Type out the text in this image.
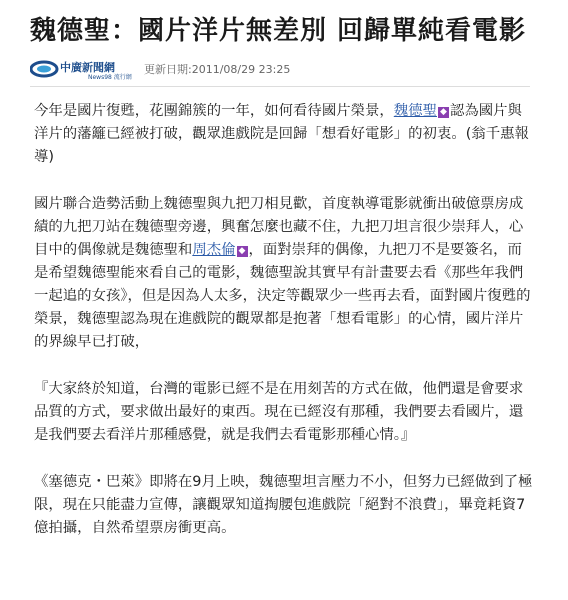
魏德聖：國片洋片無差別 回歸單純看電影
中廣新聞網
News98 流行網
更新日期: 2011/08/29 23:25

今年是國片復甦，花團錦簇的一年，如何看待國片榮景，魏德聖 ◆ 認為國片與洋片的藩籬已經被打破，觀眾進戲院是回歸「想看好電影」的初衷。(翁千惠報導)

國片聯合造勢活動上魏德聖與九把刀相見歡，首度執導電影就衝出破億票房成績的九把刀站在魏德聖旁邊，興奮怎麼也藏不住，九把刀坦言很少崇拜人，心目中的偶像就是魏德聖和周杰倫 ◆ ，面對崇拜的偶像，九把刀不是要簽名，而是希望魏德聖能來看自己的電影，魏德聖說其實早有計畫要去看《那些年我們一起追的女孩》，但是因為人太多，決定等觀眾少一些再去看，面對國片復甦的榮景，魏德聖認為現在進戲院的觀眾都是抱著「想看電影」的心情，國片洋片的界線早已打破，

『大家終於知道，台灣的電影已經不是在用刻苦的方式在做，他們還是會要求品質的方式，要求做出最好的東西。現在已經沒有那種，我們要去看國片，還是我們要去看洋片那種感覺，就是我們去看電影那種心情。』

《塞德克・巴萊》即將在9月上映，魏德聖坦言壓力不小，但努力已經做到了極限，現在只能盡力宣傳，讓觀眾知道掏腰包進戲院「絕對不浪費」，畢竟耗資7億拍攝，自然希望票房衝更高。
